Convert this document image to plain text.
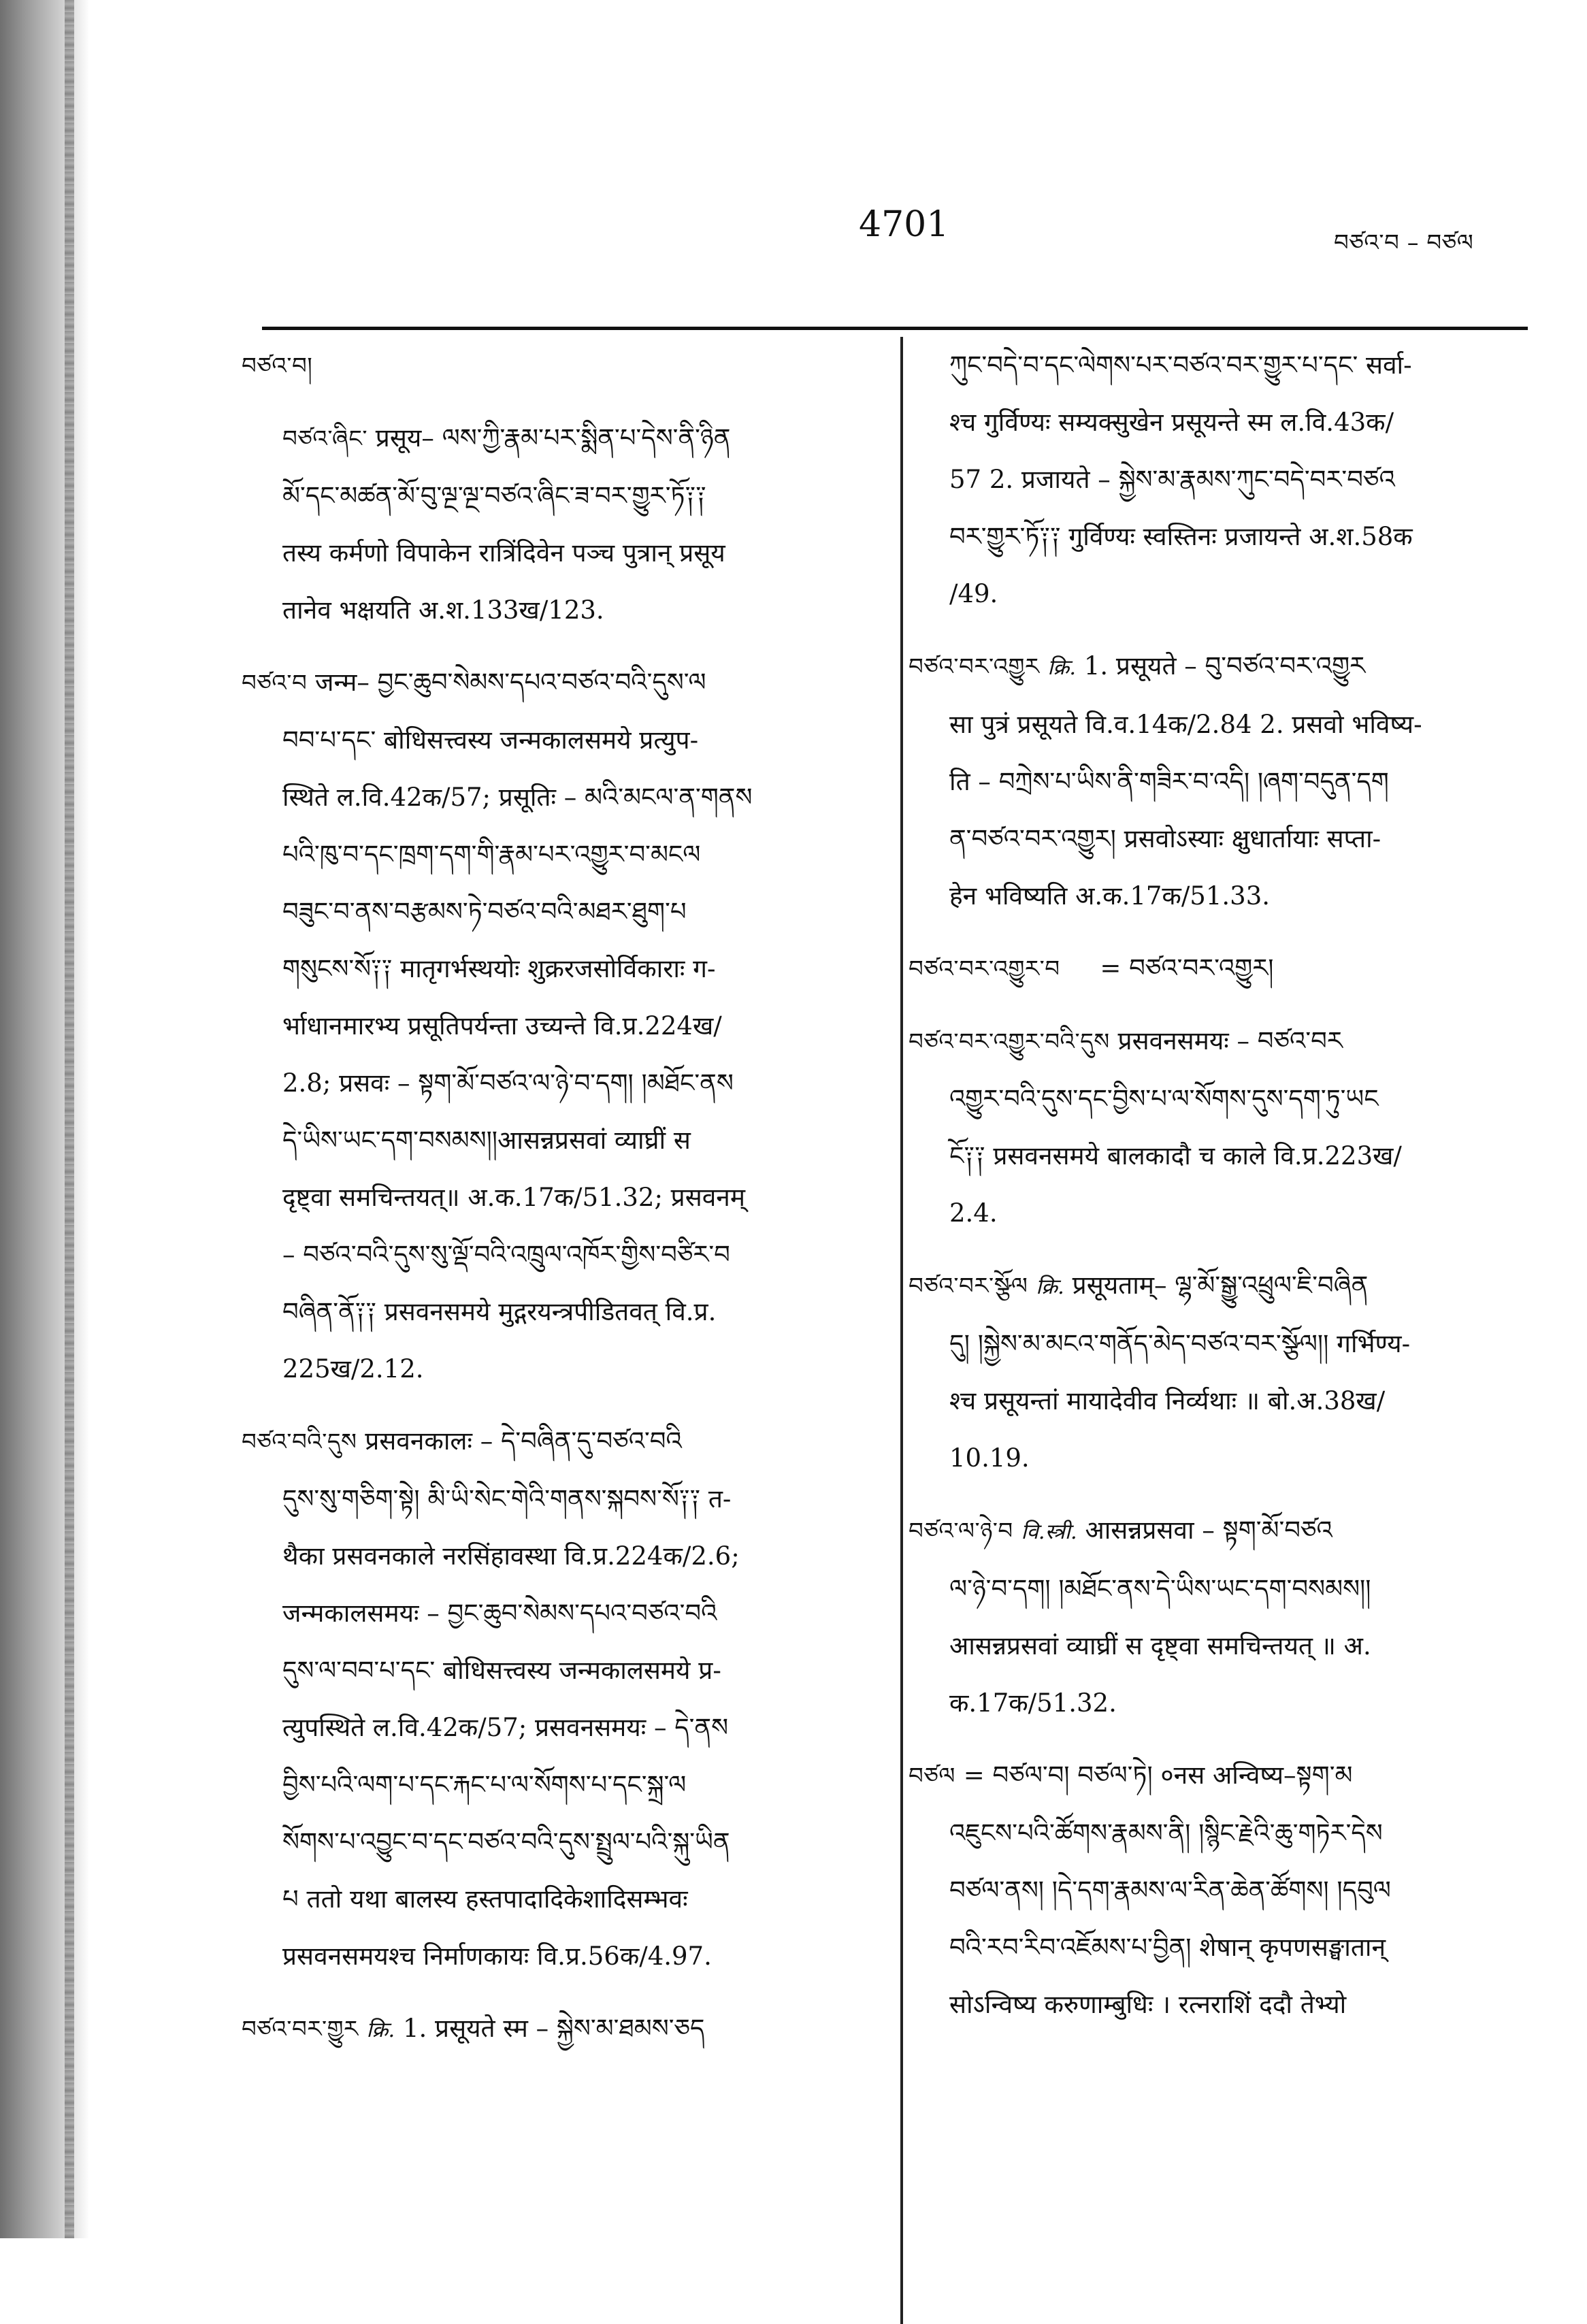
4701	བཙའ་བ – བཙལ

བཙའ་བ།

བཙའ་ཞིང་ प्रसूय– ལས་ཀྱི་རྣམ་པར་སྨིན་པ་དེས་ནི་ཉིན

མོ་དང་མཚན་མོ་བུ་ལྔ་ལྔ་བཙའ་ཞིང་ཟ་བར་གྱུར་ཏོ༑༑

तस्य कर्मणो विपाकेन रात्रिंदिवेन पञ्च पुत्रान् प्रसूय

तानेव भक्षयति अ.श.133ख/123.

བཙའ་བ जन्म– བྱང་ཆུབ་སེམས་དཔའ་བཙའ་བའི་དུས་ལ

བབ་པ་དང་ बोधिसत्त्वस्य जन्मकालसमये प्रत्युप-

स्थिते ल.वि.42क/57; प्रसूतिः – མའི་མངལ་ན་གནས

པའི་ཁུ་བ་དང་ཁྲག་དག་གི་རྣམ་པར་འགྱུར་བ་མངལ

བཟུང་བ་ནས་བརྩམས་ཏེ་བཙའ་བའི་མཐར་ཐུག་པ

གསུངས་སོ༑༑ मातृगर्भस्थयोः शुक्ररजसोर्विकाराः ग-

र्भाधानमारभ्य प्रसूतिपर्यन्ता उच्यन्ते वि.प्र.224ख/

2.8; प्रसवः – སྟག་མོ་བཙའ་ལ་ཉེ་བ་དག། །མཐོང་ནས

དེ་ཡིས་ཡང་དག་བསམས།།आसन्नप्रसवां व्याघ्रीं स

दृष्ट्वा समचिन्तयत्॥ अ.क.17क/51.32; प्रसवनम्

– བཙའ་བའི་དུས་སུ་ལྡོ་བའི་འཁྲུལ་འཁོར་གྱིས་བཙིར་བ

བཞིན་ནོ༑༑ प्रसवनसमये मुद्गरयन्त्रपीडितवत् वि.प्र.

225ख/2.12.

བཙའ་བའི་དུས प्रसवनकालः – དེ་བཞིན་དུ་བཙའ་བའི

དུས་སུ་གཅིག་སྟེ། མི་ཡི་སེང་གེའི་གནས་སྐབས་སོ༑༑ त-

थैका प्रसवनकाले नरसिंहावस्था वि.प्र.224क/2.6;

जन्मकालसमयः – བྱང་ཆུབ་སེམས་དཔའ་བཙའ་བའི

དུས་ལ་བབ་པ་དང་ बोधिसत्त्वस्य जन्मकालसमये प्र-

त्युपस्थिते ल.वि.42क/57; प्रसवनसमयः – དེ་ནས

བྱིས་པའི་ལག་པ་དང་རྐང་པ་ལ་སོགས་པ་དང་སྐྲ་ལ

སོགས་པ་འབྱུང་བ་དང་བཙའ་བའི་དུས་སྤྲུལ་པའི་སྐུ་ཡིན

པ ततो यथा बालस्य हस्तपादादिकेशादिसम्भवः

प्रसवनसमयश्च निर्माणकायः वि.प्र.56क/4.97.

བཙའ་བར་གྱུར क्रि. 1. प्रसूयते स्म – སྐྱེས་མ་ཐམས་ཅད

ཀུང་བདེ་བ་དང་ལེགས་པར་བཙའ་བར་གྱུར་པ་དང་ सर्वा-

श्च गुर्विण्यः सम्यक्सुखेन प्रसूयन्ते स्म ल.वि.43क/

57 2. प्रजायते – སྐྱེས་མ་རྣམས་ཀུང་བདེ་བར་བཙའ

བར་གྱུར་ཏོ༑༑ गुर्विण्यः स्वस्तिनः प्रजायन्ते अ.श.58क

/49.

བཙའ་བར་འགྱུར क्रि. 1. प्रसूयते – བུ་བཙའ་བར་འགྱུར

सा पुत्रं प्रसूयते वि.व.14क/2.84 2. प्रसवो भविष्य-

ति – བཀྲེས་པ་ཡིས་ནི་གཟིར་བ་འདི། །ཞག་བདུན་དག

ན་བཙའ་བར་འགྱུར། प्रसवोऽस्याः क्षुधार्तायाः सप्ता-

हेन भविष्यति अ.क.17क/51.33.

བཙའ་བར་འགྱུར་བ = བཙའ་བར་འགྱུར།

བཙའ་བར་འགྱུར་བའི་དུས प्रसवनसमयः – བཙའ་བར

འགྱུར་བའི་དུས་དང་བྱིས་པ་ལ་སོགས་དུས་དག་ཏུ་ཡང

ངོ༑༑ प्रसवनसमये बालकादौ च काले वि.प्र.223ख/

2.4.

བཙའ་བར་སྩོལ क्रि. प्रसूयताम्– ལྷ་མོ་སྒྱུ་འཕྲུལ་ཇི་བཞིན

དུ། །སྐྱེས་མ་མངའ་གནོད་མེད་བཙའ་བར་སྩོལ།། गर्भिण्य-

श्च प्रसूयन्तां मायादेवीव निर्व्यथाः ॥ बो.अ.38ख/

10.19.

བཙའ་ལ་ཉེ་བ वि.स्त्री. आसन्नप्रसवा – སྟག་མོ་བཙའ

ལ་ཉེ་བ་དག། །མཐོང་ནས་དེ་ཡིས་ཡང་དག་བསམས།།

आसन्नप्रसवां व्याघ्रीं स दृष्ट्वा समचिन्तयत् ॥ अ.

क.17क/51.32.

བཙལ = བཙལ་བ། བཙལ་ཏེ། ०नस अन्विष्य–སྟག་མ

འཇུངས་པའི་ཚོགས་རྣམས་ནི། །སྙིང་རྗེའི་ཆུ་གཏེར་དེས

བཙལ་ནས། །དེ་དག་རྣམས་ལ་རིན་ཆེན་ཚོགས། །དབུལ

བའི་རབ་རིབ་འཇོམས་པ་བྱིན། शेषान् कृपणसङ्घातान्

सोऽन्विष्य करुणाम्बुधिः । रत्नराशिं ददौ तेभ्यो
